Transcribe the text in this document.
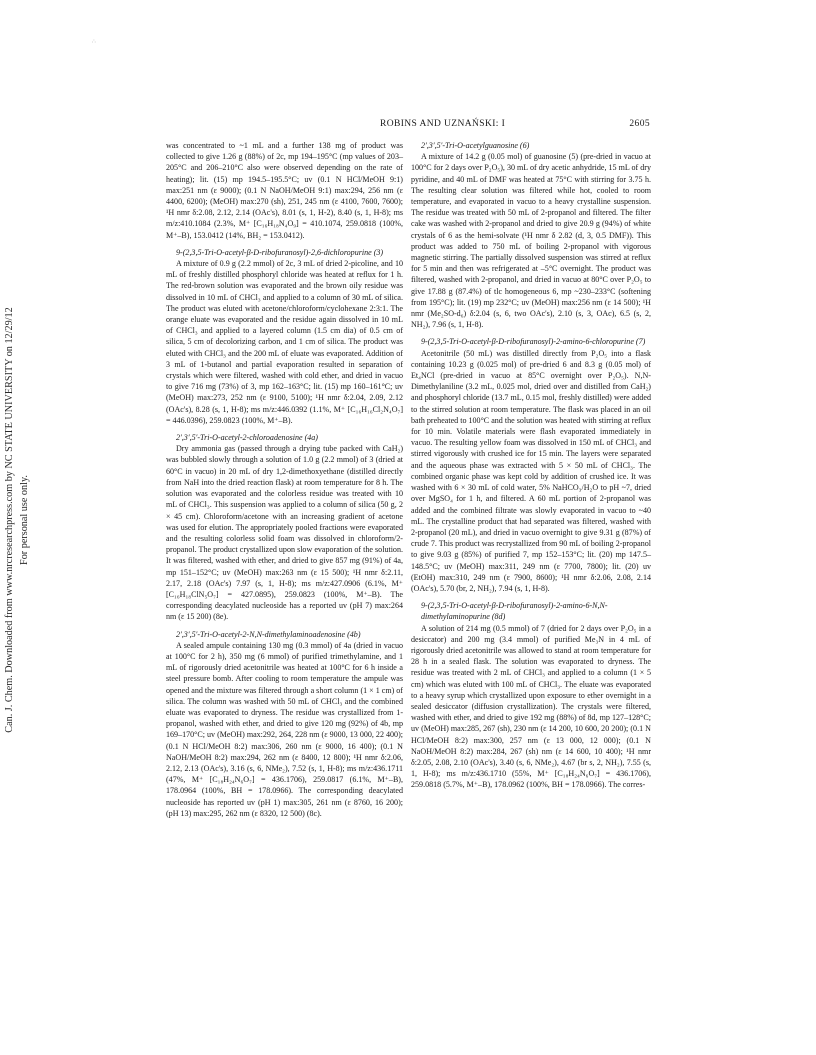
∴
Can. J. Chem. Downloaded from www.nrcresearchpress.com by NC STATE UNIVERSITY on 12/29/12 For personal use only.
ROBINS AND UZNAŃSKI: I	2605

was concentrated to ~1 mL and a further 138 mg of product was collected to give 1.26 g (88%) of 2c, mp 194–195°C (mp values of 203–205°C and 206–210°C also were observed depending on the rate of heating); lit. (15) mp 194.5–195.5°C; uv (0.1 N HCl/MeOH 9:1) max:251 nm (ε 9000); (0.1 N NaOH/MeOH 9:1) max:294, 256 nm (ε 4400, 6200); (MeOH) max:270 (sh), 251, 245 nm (ε 4100, 7600, 7600); ¹H nmr δ:2.08, 2.12, 2.14 (OAc's), 8.01 (s, 1, H-2), 8.40 (s, 1, H-8); ms m/z:410.1084 (2.3%, M⁺ [C₁₆H₁₈N₄O₉] = 410.1074, 259.0818 (100%, M⁺–B), 153.0412 (14%, BH₂ = 153.0412).

9-(2,3,5-Tri-O-acetyl-β-D-ribofuranosyl)-2,6-dichloropurine (3)

A mixture of 0.9 g (2.2 mmol) of 2c, 3 mL of dried 2-picoline, and 10 mL of freshly distilled phosphoryl chloride was heated at reflux for 1 h. The red-brown solution was evaporated and the brown oily residue was dissolved in 10 mL of CHCl₃ and applied to a column of 30 mL of silica. The product was eluted with acetone/chloroform/cyclohexane 2:3:1. The orange eluate was evaporated and the residue again dissolved in 10 mL of CHCl₃ and applied to a layered column (1.5 cm dia) of 0.5 cm of silica, 5 cm of decolorizing carbon, and 1 cm of silica. The product was eluted with CHCl₃ and the 200 mL of eluate was evaporated. Addition of 3 mL of 1-butanol and partial evaporation resulted in separation of crystals which were filtered, washed with cold ether, and dried in vacuo to give 716 mg (73%) of 3, mp 162–163°C; lit. (15) mp 160–161°C; uv (MeOH) max:273, 252 nm (ε 9100, 5100); ¹H nmr δ:2.04, 2.09, 2.12 (OAc's), 8.28 (s, 1, H-8); ms m/z:446.0392 (1.1%, M⁺ [C₁₆H₁₆Cl₂N₄O₇] = 446.0396), 259.0823 (100%, M⁺–B).

2′,3′,5′-Tri-O-acetyl-2-chloroadenosine (4a)

Dry ammonia gas (passed through a drying tube packed with CaH₂) was bubbled slowly through a solution of 1.0 g (2.2 mmol) of 3 (dried at 60°C in vacuo) in 20 mL of dry 1,2-dimethoxyethane (distilled directly from NaH into the dried reaction flask) at room temperature for 8 h. The solution was evaporated and the colorless residue was treated with 10 mL of CHCl₃. This suspension was applied to a column of silica (50 g, 2 × 45 cm). Chloroform/acetone with an increasing gradient of acetone was used for elution. The appropriately pooled fractions were evaporated and the resulting colorless solid foam was dissolved in chloroform/2-propanol. The product crystallized upon slow evaporation of the solution. It was filtered, washed with ether, and dried to give 857 mg (91%) of 4a, mp 151–152°C; uv (MeOH) max:263 nm (ε 15 500); ¹H nmr δ:2.11, 2.17, 2.18 (OAc's) 7.97 (s, 1, H-8); ms m/z:427.0906 (6.1%, M⁺ [C₁₆H₁₈ClN₅O₇] = 427.0895), 259.0823 (100%, M⁺–B). The corresponding deacylated nucleoside has a reported uv (pH 7) max:264 nm (ε 15 200) (8e).

2′,3′,5′-Tri-O-acetyl-2-N,N-dimethylaminoadenosine (4b)

A sealed ampule containing 130 mg (0.3 mmol) of 4a (dried in vacuo at 100°C for 2 h), 350 mg (6 mmol) of purified trimethylamine, and 1 mL of rigorously dried acetonitrile was heated at 100°C for 6 h inside a steel pressure bomb. After cooling to room temperature the ampule was opened and the mixture was filtered through a short column (1 × 1 cm) of silica. The column was washed with 50 mL of CHCl₃ and the combined eluate was evaporated to dryness. The residue was crystallized from 1-propanol, washed with ether, and dried to give 120 mg (92%) of 4b, mp 169–170°C; uv (MeOH) max:292, 264, 228 nm (ε 9000, 13 000, 22 400); (0.1 N HCl/MeOH 8:2) max:306, 260 nm (ε 9000, 16 400); (0.1 N NaOH/MeOH 8:2) max:294, 262 nm (ε 8400, 12 800); ¹H nmr δ:2.06, 2.12, 2.13 (OAc's), 3.16 (s, 6, NMe₂), 7.52 (s, 1, H-8); ms m/z:436.1711 (47%, M⁺ [C₁₈H₂₄N₆O₇] = 436.1706), 259.0817 (6.1%, M⁺–B), 178.0964 (100%, BH = 178.0966). The corresponding deacylated nucleoside has reported uv (pH 1) max:305, 261 nm (ε 8760, 16 200); (pH 13) max:295, 262 nm (ε 8320, 12 500) (8c).

2′,3′,5′-Tri-O-acetylguanosine (6)

A mixture of 14.2 g (0.05 mol) of guanosine (5) (pre-dried in vacuo at 100°C for 2 days over P₂O₅), 30 mL of dry acetic anhydride, 15 mL of dry pyridine, and 40 mL of DMF was heated at 75°C with stirring for 3.75 h. The resulting clear solution was filtered while hot, cooled to room temperature, and evaporated in vacuo to a heavy crystalline suspension. The residue was treated with 50 mL of 2-propanol and filtered. The filter cake was washed with 2-propanol and dried to give 20.9 g (94%) of white crystals of 6 as the hemi-solvate (¹H nmr δ 2.82 (d, 3, 0.5 DMF)). This product was added to 750 mL of boiling 2-propanol with vigorous magnetic stirring. The partially dissolved suspension was stirred at reflux for 5 min and then was refrigerated at –5°C overnight. The product was filtered, washed with 2-propanol, and dried in vacuo at 80°C over P₂O₅ to give 17.88 g (87.4%) of tlc homogeneous 6, mp ~230–233°C (softening from 195°C); lit. (19) mp 232°C; uv (MeOH) max:256 nm (ε 14 500); ¹H nmr (Me₂SO-d₆) δ:2.04 (s, 6, two OAc's), 2.10 (s, 3, OAc), 6.5 (s, 2, NH₂), 7.96 (s, 1, H-8).

9-(2,3,5-Tri-O-acetyl-β-D-ribofuranosyl)-2-amino-6-chloropurine (7)

Acetonitrile (50 mL) was distilled directly from P₂O₅ into a flask containing 10.23 g (0.025 mol) of pre-dried 6 and 8.3 g (0.05 mol) of Et₄NCl (pre-dried in vacuo at 85°C overnight over P₂O₅). N,N-Dimethylaniline (3.2 mL, 0.025 mol, dried over and distilled from CaH₂) and phosphoryl chloride (13.7 mL, 0.15 mol, freshly distilled) were added to the stirred solution at room temperature. The flask was placed in an oil bath preheated to 100°C and the solution was heated with stirring at reflux for 10 min. Volatile materials were flash evaporated immediately in vacuo. The resulting yellow foam was dissolved in 150 mL of CHCl₃ and stirred vigorously with crushed ice for 15 min. The layers were separated and the aqueous phase was extracted with 5 × 50 mL of CHCl₃. The combined organic phase was kept cold by addition of crushed ice. It was washed with 6 × 30 mL of cold water, 5% NaHCO₃/H₂O to pH ~7, dried over MgSO₄ for 1 h, and filtered. A 60 mL portion of 2-propanol was added and the combined filtrate was slowly evaporated in vacuo to ~40 mL. The crystalline product that had separated was filtered, washed with 2-propanol (20 mL), and dried in vacuo overnight to give 9.31 g (87%) of crude 7. This product was recrystallized from 90 mL of boiling 2-propanol to give 9.03 g (85%) of purified 7, mp 152–153°C; lit. (20) mp 147.5–148.5°C; uv (MeOH) max:311, 249 nm (ε 7700, 7800); lit. (20) uv (EtOH) max:310, 249 nm (ε 7900, 8600); ¹H nmr δ:2.06, 2.08, 2.14 (OAc's), 5.70 (br, 2, NH₂), 7.94 (s, 1, H-8).

9-(2,3,5-Tri-O-acetyl-β-D-ribofuranosyl)-2-amino-6-N,N-dimethylaminopurine (8d)

A solution of 214 mg (0.5 mmol) of 7 (dried for 2 days over P₂O₅ in a desiccator) and 200 mg (3.4 mmol) of purified Me₃N in 4 mL of rigorously dried acetonitrile was allowed to stand at room temperature for 28 h in a sealed flask. The solution was evaporated to dryness. The residue was treated with 2 mL of CHCl₃ and applied to a column (1 × 5 cm) which was eluted with 100 mL of CHCl₃. The eluate was evaporated to a heavy syrup which crystallized upon exposure to ether overnight in a sealed desiccator (diffusion crystallization). The crystals were filtered, washed with ether, and dried to give 192 mg (88%) of 8d, mp 127–128°C; uv (MeOH) max:285, 267 (sh), 230 nm (ε 14 200, 10 600, 20 200); (0.1 N HCl/MeOH 8:2) max:300, 257 nm (ε 13 000, 12 000); (0.1 N NaOH/MeOH 8:2) max:284, 267 (sh) nm (ε 14 600, 10 400); ¹H nmr δ:2.05, 2.08, 2.10 (OAc's), 3.40 (s, 6, NMe₂), 4.67 (br s, 2, NH₂), 7.55 (s, 1, H-8); ms m/z:436.1710 (55%, M⁺ [C₁₈H₂₄N₆O₇] = 436.1706), 259.0818 (5.7%, M⁺–B), 178.0962 (100%, BH = 178.0966). The corres-
